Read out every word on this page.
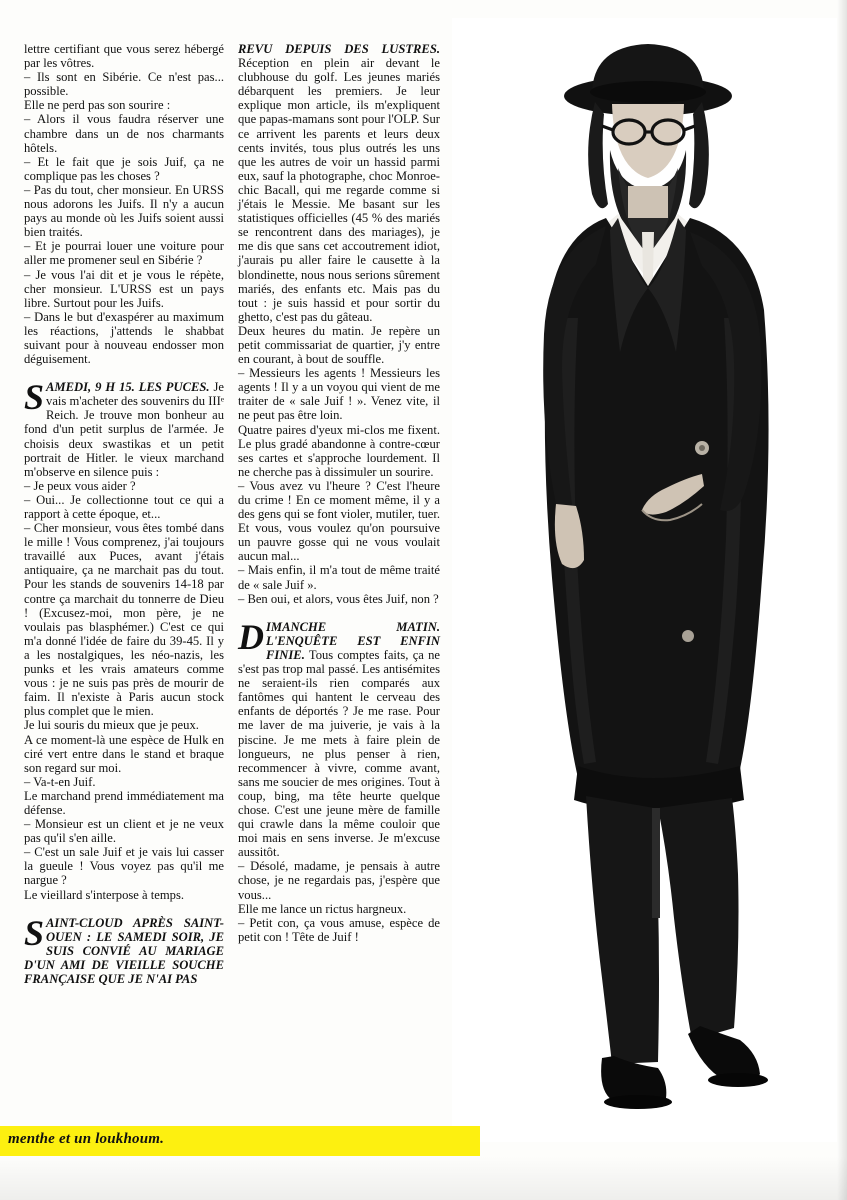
lettre certifiant que vous serez hébergé par les vôtres.

– Ils sont en Sibérie. Ce n'est pas... possible.

Elle ne perd pas son sourire :

– Alors il vous faudra réserver une chambre dans un de nos charmants hôtels.

– Et le fait que je sois Juif, ça ne complique pas les choses ?

– Pas du tout, cher monsieur. En URSS nous adorons les Juifs. Il n'y a aucun pays au monde où les Juifs soient aussi bien traités.

– Et je pourrai louer une voiture pour aller me promener seul en Sibérie ?

– Je vous l'ai dit et je vous le répète, cher monsieur. L'URSS est un pays libre. Surtout pour les Juifs.

– Dans le but d'exaspérer au maximum les réactions, j'attends le shabbat suivant pour à nouveau endosser mon déguisement.

S AMEDI, 9 H 15. LES PUCES. Je vais m'acheter des souvenirs du IIIᵉ Reich. Je trouve mon bonheur au fond d'un petit surplus de l'armée. Je choisis deux swastikas et un petit portrait de Hitler. le vieux marchand m'observe en silence puis :

– Je peux vous aider ?

– Oui... Je collectionne tout ce qui a rapport à cette époque, et...

– Cher monsieur, vous êtes tombé dans le mille ! Vous comprenez, j'ai toujours travaillé aux Puces, avant j'étais antiquaire, ça ne marchait pas du tout. Pour les stands de souvenirs 14-18 par contre ça marchait du tonnerre de Dieu ! (Excusez-moi, mon père, je ne voulais pas blasphémer.) C'est ce qui m'a donné l'idée de faire du 39-45. Il y a les nostalgiques, les néo-nazis, les punks et les vrais amateurs comme vous : je ne suis pas près de mourir de faim. Il n'existe à Paris aucun stock plus complet que le mien.

Je lui souris du mieux que je peux.

A ce moment-là une espèce de Hulk en ciré vert entre dans le stand et braque son regard sur moi.

– Va-t-en Juif.

Le marchand prend immédiatement ma défense.

– Monsieur est un client et je ne veux pas qu'il s'en aille.

– C'est un sale Juif et je vais lui casser la gueule ! Vous voyez pas qu'il me nargue ?

Le vieillard s'interpose à temps.

S AINT-CLOUD APRÈS SAINT-OUEN : LE SAMEDI SOIR, JE SUIS CONVIÉ AU MARIAGE D'UN AMI DE VIEILLE SOUCHE FRANÇAISE QUE JE N'AI PAS

REVU DEPUIS DES LUSTRES. Réception en plein air devant le clubhouse du golf. Les jeunes mariés débarquent les premiers. Je leur explique mon article, ils m'expliquent que papas-mamans sont pour l'OLP. Sur ce arrivent les parents et leurs deux cents invités, tous plus outrés les uns que les autres de voir un hassid parmi eux, sauf la photographe, choc Monroe-chic Bacall, qui me regarde comme si j'étais le Messie. Me basant sur les statistiques officielles (45 % des mariés se rencontrent dans des mariages), je me dis que sans cet accoutrement idiot, j'aurais pu aller faire le causette à la blondinette, nous nous serions sûrement mariés, des enfants etc. Mais pas du tout : je suis hassid et pour sortir du ghetto, c'est pas du gâteau.

Deux heures du matin. Je repère un petit commissariat de quartier, j'y entre en courant, à bout de souffle.

– Messieurs les agents ! Messieurs les agents ! Il y a un voyou qui vient de me traiter de « sale Juif ! ». Venez vite, il ne peut pas être loin.

Quatre paires d'yeux mi-clos me fixent. Le plus gradé abandonne à contre-cœur ses cartes et s'approche lourdement. Il ne cherche pas à dissimuler un sourire.

– Vous avez vu l'heure ? C'est l'heure du crime ! En ce moment même, il y a des gens qui se font violer, mutiler, tuer. Et vous, vous voulez qu'on poursuive un pauvre gosse qui ne vous voulait aucun mal...

– Mais enfin, il m'a tout de même traité de « sale Juif ».

– Ben oui, et alors, vous êtes Juif, non ?

D IMANCHE MATIN. L'ENQUÊTE EST ENFIN FINIE. Tous comptes faits, ça ne s'est pas trop mal passé. Les antisémites ne seraient-ils rien comparés aux fantômes qui hantent le cerveau des enfants de déportés ? Je me rase. Pour me laver de ma juiverie, je vais à la piscine. Je me mets à faire plein de longueurs, ne plus penser à rien, recommencer à vivre, comme avant, sans me soucier de mes origines. Tout à coup, bing, ma tête heurte quelque chose. C'est une jeune mère de famille qui crawle dans la même couloir que moi mais en sens inverse. Je m'excuse aussitôt.

– Désolé, madame, je pensais à autre chose, je ne regardais pas, j'espère que vous...

Elle me lance un rictus hargneux.

– Petit con, ça vous amuse, espèce de petit con ! Tête de Juif !

menthe et un loukhoum.
